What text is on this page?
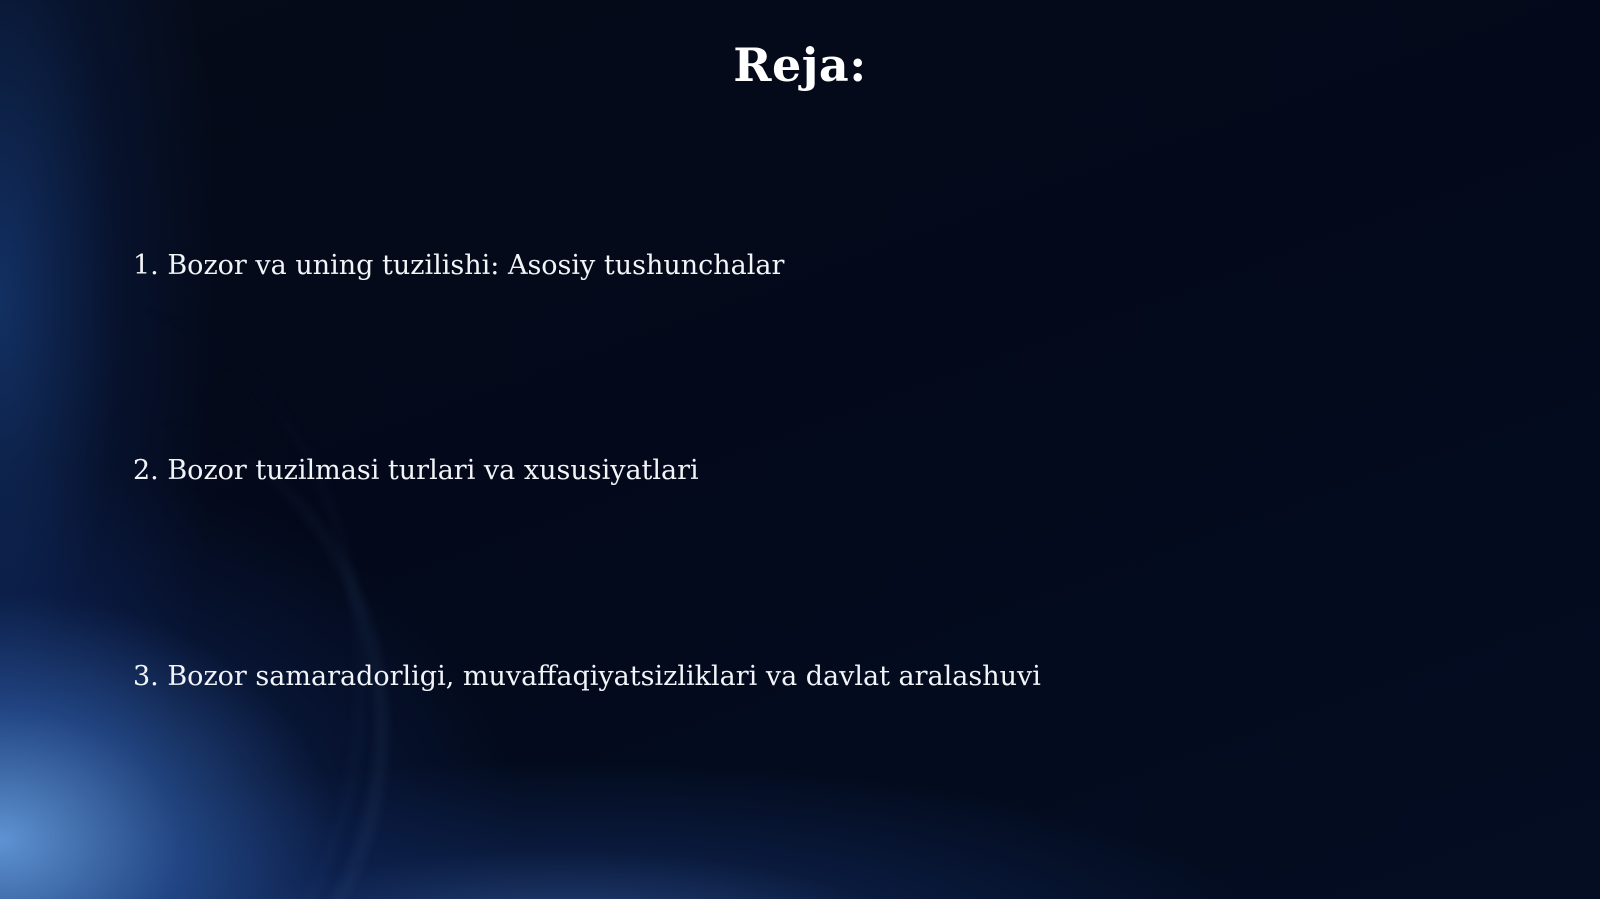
Reja:
1. Bozor va uning tuzilishi: Asosiy tushunchalar
2. Bozor tuzilmasi turlari va xususiyatlari
3. Bozor samaradorligi, muvaffaqiyatsizliklari va davlat aralashuvi
